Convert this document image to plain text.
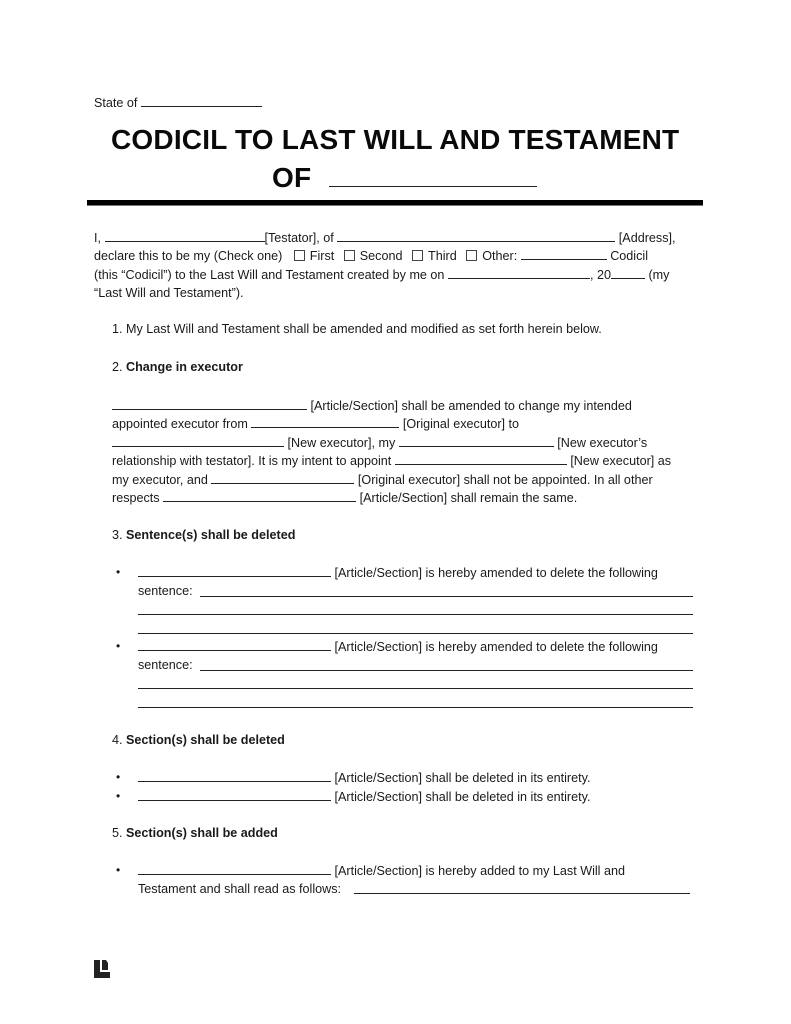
State of
CODICIL TO LAST WILL AND TESTAMENT
OF
I,	[Testator], of	[Address],
declare this to be my (Check one) First Second Third Other:	Codicil
(this “Codicil”) to the Last Will and Testament created by me on	, 20	(my
“Last Will and Testament”).
1. My Last Will and Testament shall be amended and modified as set forth herein below.
2. Change in executor
[Article/Section] shall be amended to change my intended
appointed executor from	[Original executor] to
[New executor], my	[New executor’s
relationship with testator]. It is my intent to appoint	[New executor] as
my executor, and	[Original executor] shall not be appointed. In all other
respects	[Article/Section] shall remain the same.
3. Sentence(s) shall be deleted
•	[Article/Section] is hereby amended to delete the following
sentence:
•	[Article/Section] is hereby amended to delete the following
sentence:
4. Section(s) shall be deleted
•	[Article/Section] shall be deleted in its entirety.
•	[Article/Section] shall be deleted in its entirety.
5. Section(s) shall be added
•	[Article/Section] is hereby added to my Last Will and
Testament and shall read as follows:
